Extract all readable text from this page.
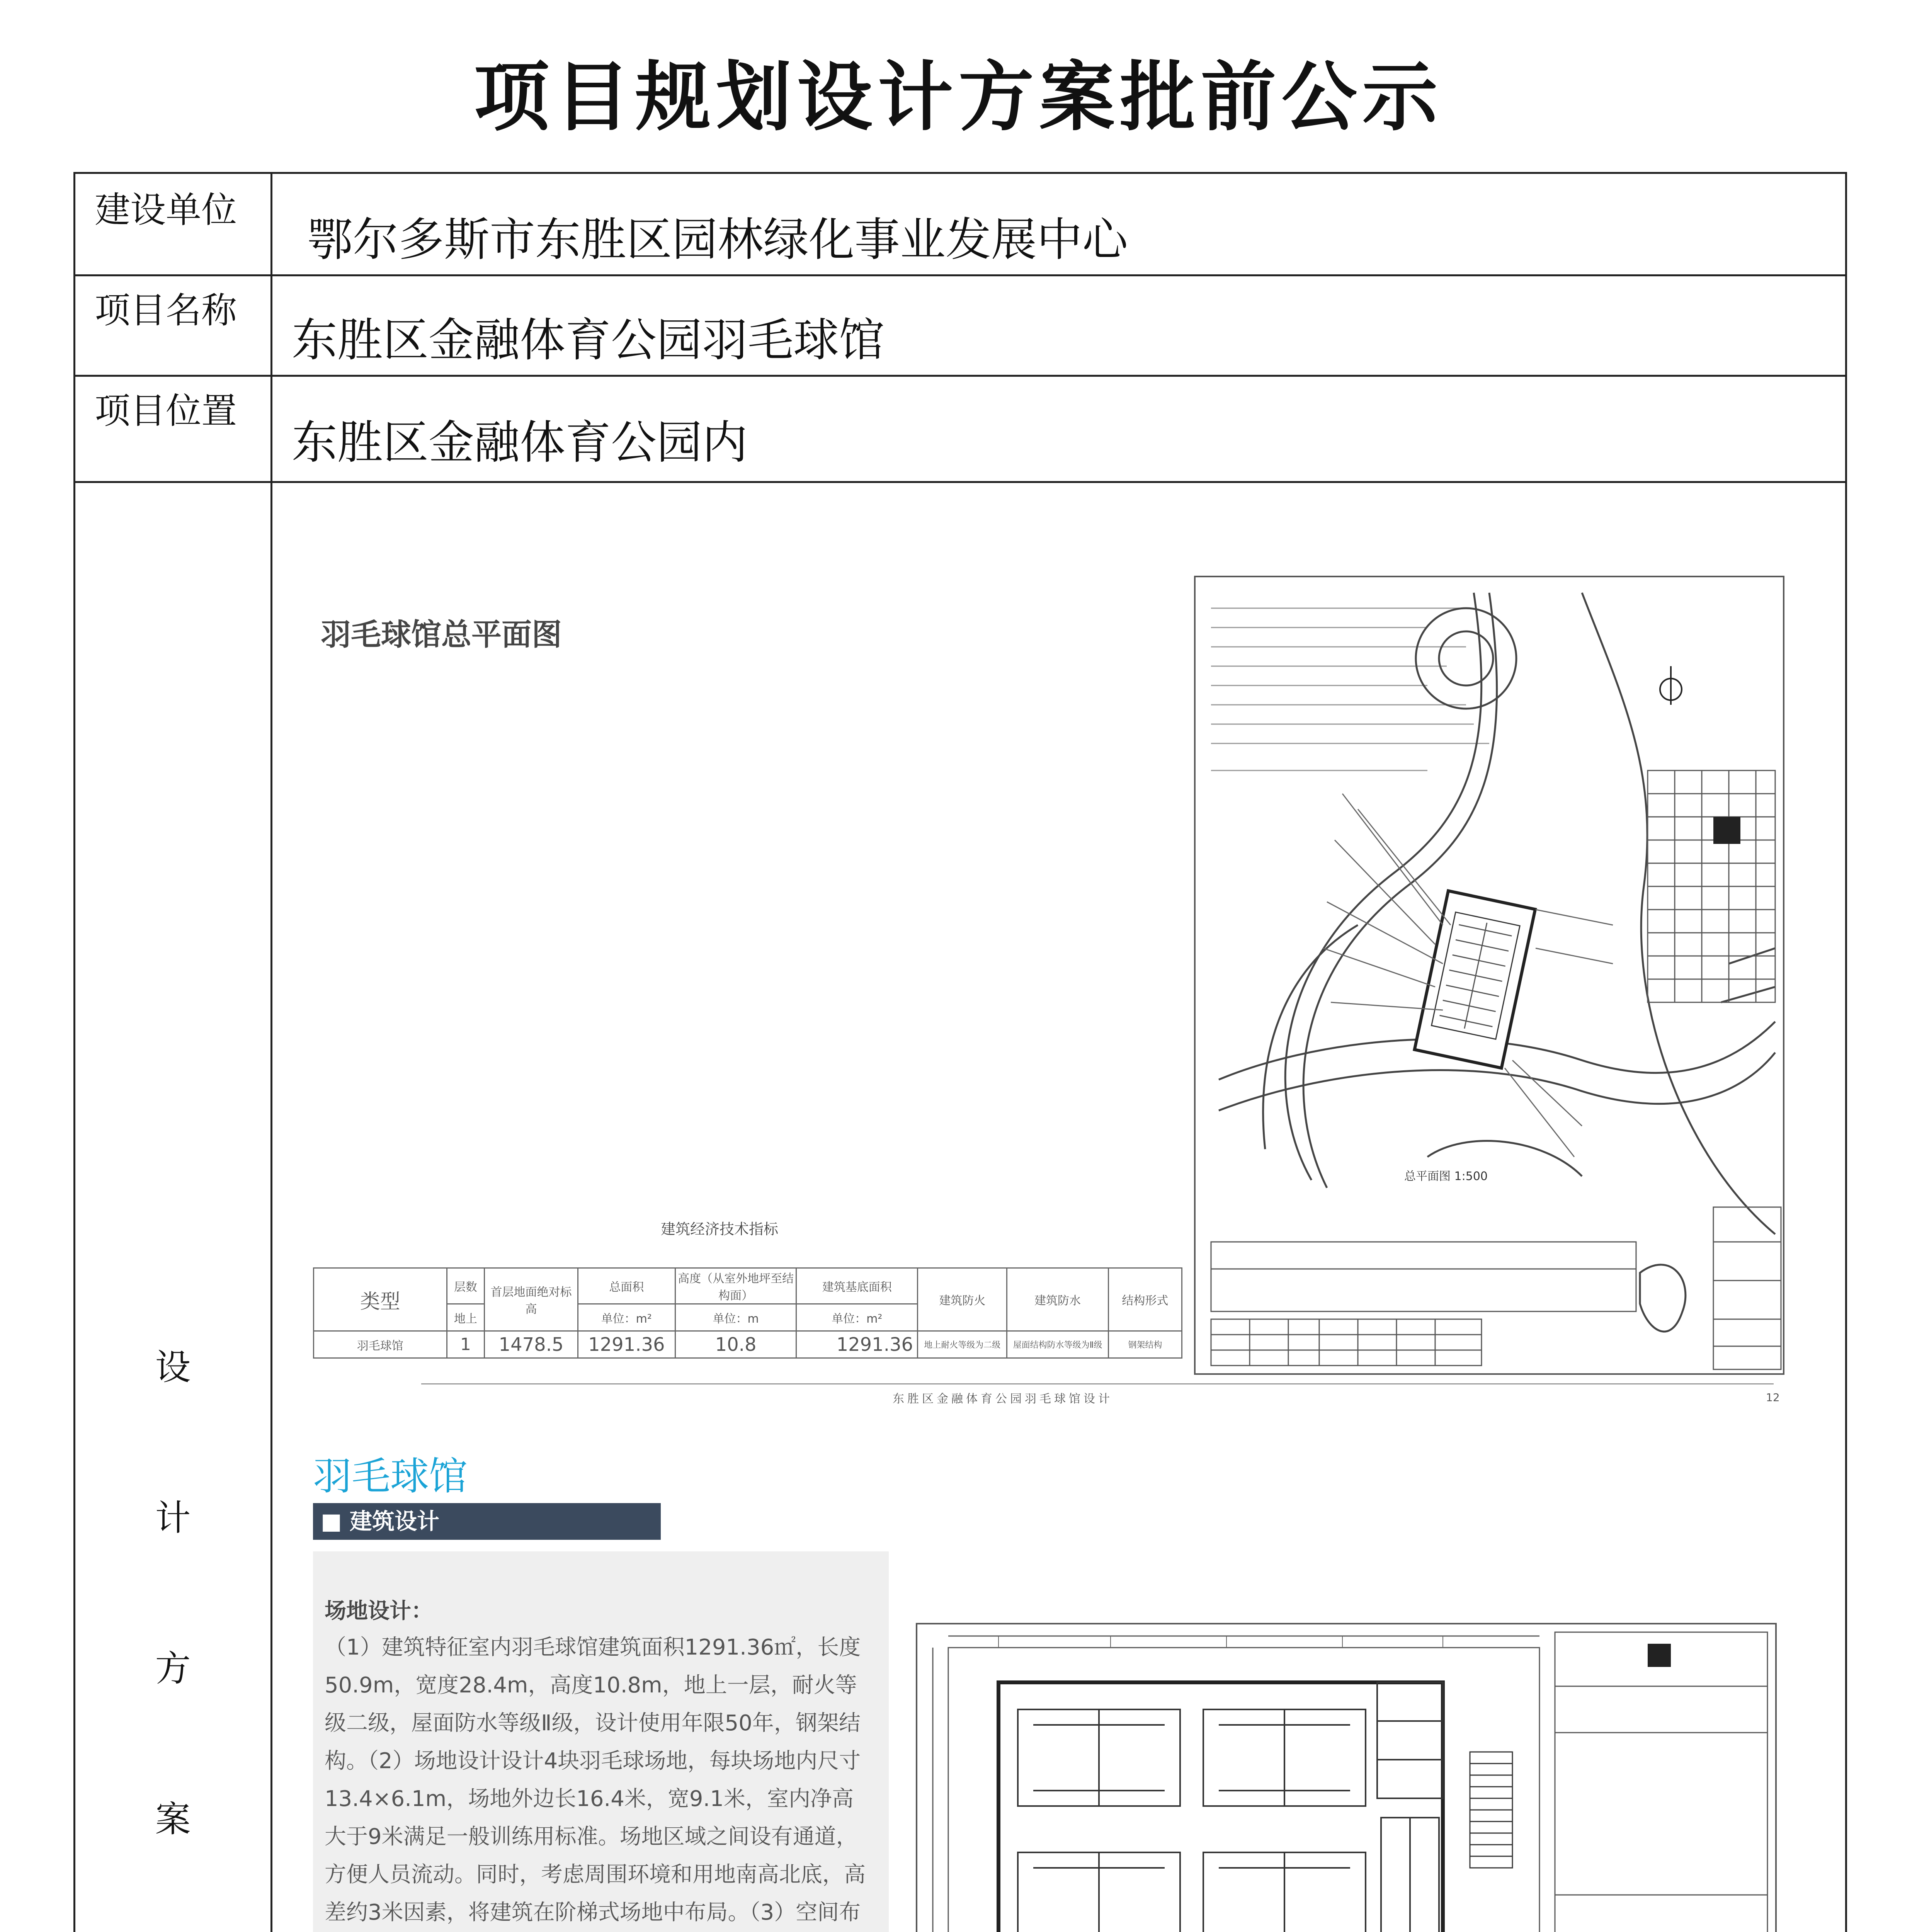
项目规划设计方案批前公示
建设单位
鄂尔多斯市东胜区园林绿化事业发展中心
项目名称
东胜区金融体育公园羽毛球馆
项目位置
东胜区金融体育公园内
设
计
方
案
羽毛球馆总平面图
总平面图 1:500
建筑经济技术指标
类型	层数	首层地面绝对标高	总面积	高度（从室外地坪至结构面）	建筑基底面积	建筑防火	建筑防水	结构形式
	地上		单位：m²	单位：m	单位：m²			
羽毛球馆	1	1478.5	1291.36	10.8	1291.36	地上耐火等级为二级	屋面结构防水等级为Ⅱ级	钢架结构
东胜区金融体育公园羽毛球馆设计	12
羽毛球馆
■ 建筑设计
场地设计：
（1）建筑特征室内羽毛球馆建筑面积1291.36㎡，长度50.9m，宽度28.4m，高度10.8m，地上一层，耐火等级二级，屋面防水等级Ⅱ级，设计使用年限50年，钢架结构。（2）场地设计设计4块羽毛球场地，每块场地内尺寸13.4×6.1m，场地外边长16.4米，宽9.1米，室内净高大于9米满足一般训练用标准。场地区域之间设有通道，方便人员流动。同时，考虑周围环境和用地南高北底，高差约3米因素，将建筑在阶梯式场地中布局。（3）空间布
